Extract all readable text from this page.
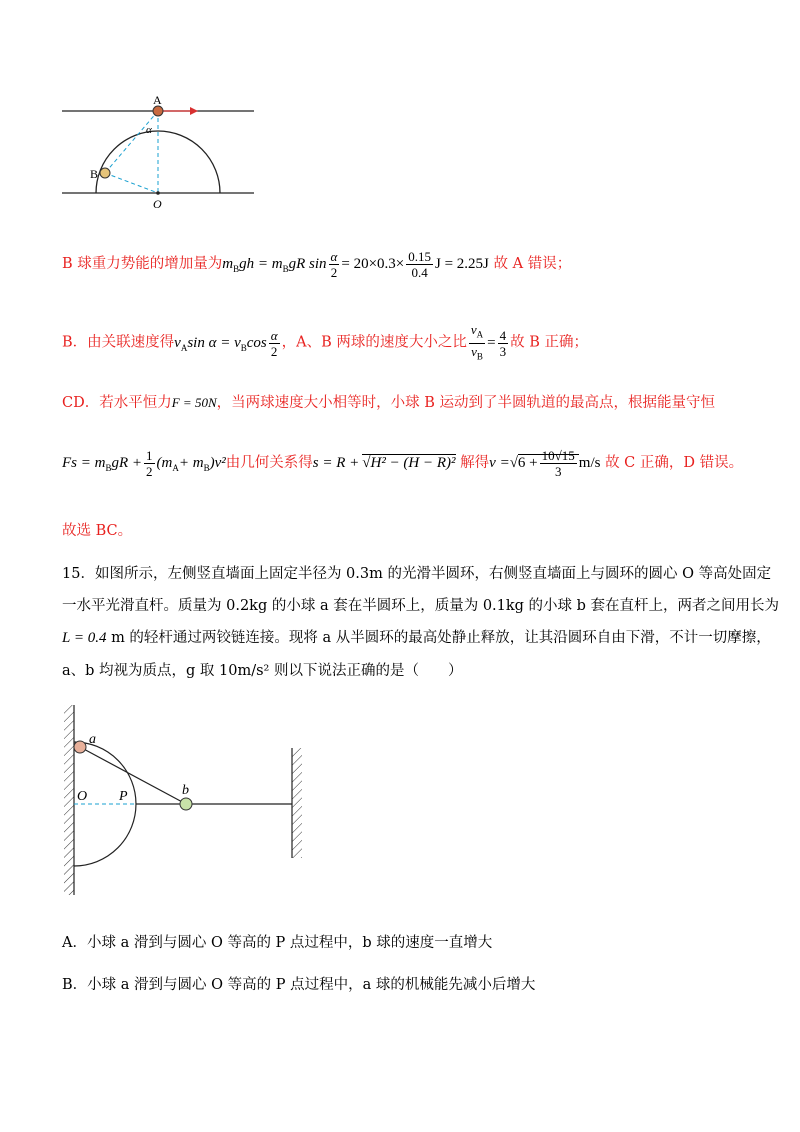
A
B
O
α
B 球重力势能的增加量为$m_Bgh = m_BgR$ $\sin \frac{\alpha}{2} = 20\times 0.3\times \frac{0.15}{0.4}$ J = 2.25J 故 A 错误；
B．由关联速度得$v_A\sin$ $\alpha = v_B\cos \frac{\alpha}{2}$ ，A、B 两球的速度大小之比 $\frac{v_A}{v_B} = \frac{4}{3}$ 故 B 正确；
CD．若水平恒力F = 50N，当两球速度大小相等时，小球 B 运动到了半圆轨道的最高点，根据能量守恒
$Fs = m_BgR + \frac{1}{2} (m_A+ m_B)v^2$由几何关系得s = R + √H² − (H − R)² 解得$v =√6 + \frac{10√15}{3} m/s$ 故 C 正确，D 错误。
故选 BC。
15．如图所示，左侧竖直墙面上固定半径为 0.3m 的光滑半圆环，右侧竖直墙面上与圆环的圆心 O 等高处固定
一水平光滑直杆。质量为 0.2kg 的小球 a 套在半圆环上，质量为 0.1kg 的小球 b 套在直杆上，两者之间用长为
L = 0.4 m 的轻杆通过两铰链连接。现将 a 从半圆环的最高处静止释放，让其沿圆环自由下滑，不计一切摩擦，
a、b 均视为质点，g 取 10m/s² 则以下说法正确的是（　　）
a
b
O P
A．小球 a 滑到与圆心 O 等高的 P 点过程中，b 球的速度一直增大
B．小球 a 滑到与圆心 O 等高的 P 点过程中，a 球的机械能先减小后增大
